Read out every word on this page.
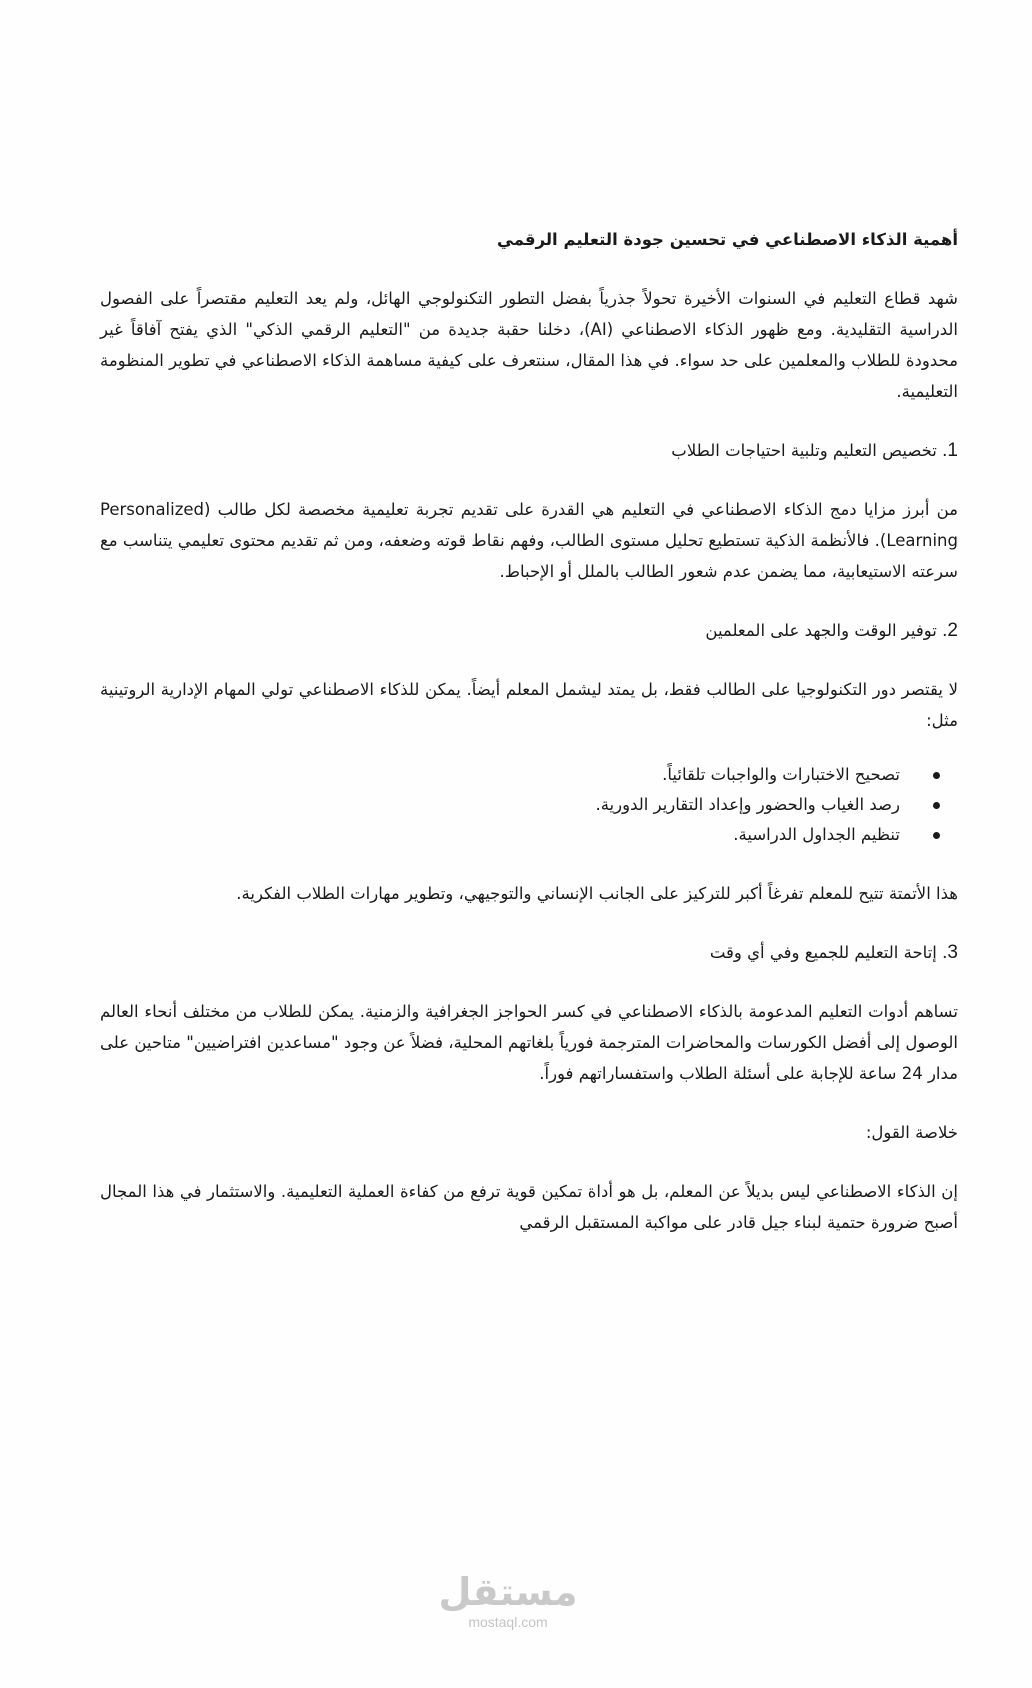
أهمية الذكاء الاصطناعي في تحسين جودة التعليم الرقمي

شهد قطاع التعليم في السنوات الأخيرة تحولاً جذرياً بفضل التطور التكنولوجي الهائل، ولم يعد التعليم مقتصراً على الفصول الدراسية التقليدية. ومع ظهور الذكاء الاصطناعي (AI)، دخلنا حقبة جديدة من "التعليم الرقمي الذكي" الذي يفتح آفاقاً غير محدودة للطلاب والمعلمين على حد سواء. في هذا المقال، سنتعرف على كيفية مساهمة الذكاء الاصطناعي في تطوير المنظومة التعليمية.

1. تخصيص التعليم وتلبية احتياجات الطلاب

من أبرز مزايا دمج الذكاء الاصطناعي في التعليم هي القدرة على تقديم تجربة تعليمية مخصصة لكل طالب (Personalized Learning). فالأنظمة الذكية تستطيع تحليل مستوى الطالب، وفهم نقاط قوته وضعفه، ومن ثم تقديم محتوى تعليمي يتناسب مع سرعته الاستيعابية، مما يضمن عدم شعور الطالب بالملل أو الإحباط.

2. توفير الوقت والجهد على المعلمين

لا يقتصر دور التكنولوجيا على الطالب فقط، بل يمتد ليشمل المعلم أيضاً. يمكن للذكاء الاصطناعي تولي المهام الإدارية الروتينية مثل:

تصحيح الاختبارات والواجبات تلقائياً.
رصد الغياب والحضور وإعداد التقارير الدورية.
تنظيم الجداول الدراسية.

هذا الأتمتة تتيح للمعلم تفرغاً أكبر للتركيز على الجانب الإنساني والتوجيهي، وتطوير مهارات الطلاب الفكرية.

3. إتاحة التعليم للجميع وفي أي وقت

تساهم أدوات التعليم المدعومة بالذكاء الاصطناعي في كسر الحواجز الجغرافية والزمنية. يمكن للطلاب من مختلف أنحاء العالم الوصول إلى أفضل الكورسات والمحاضرات المترجمة فورياً بلغاتهم المحلية، فضلاً عن وجود "مساعدين افتراضيين" متاحين على مدار 24 ساعة للإجابة على أسئلة الطلاب واستفساراتهم فوراً.

خلاصة القول:

إن الذكاء الاصطناعي ليس بديلاً عن المعلم، بل هو أداة تمكين قوية ترفع من كفاءة العملية التعليمية. والاستثمار في هذا المجال أصبح ضرورة حتمية لبناء جيل قادر على مواكبة المستقبل الرقمي

مستقل
mostaql.com
